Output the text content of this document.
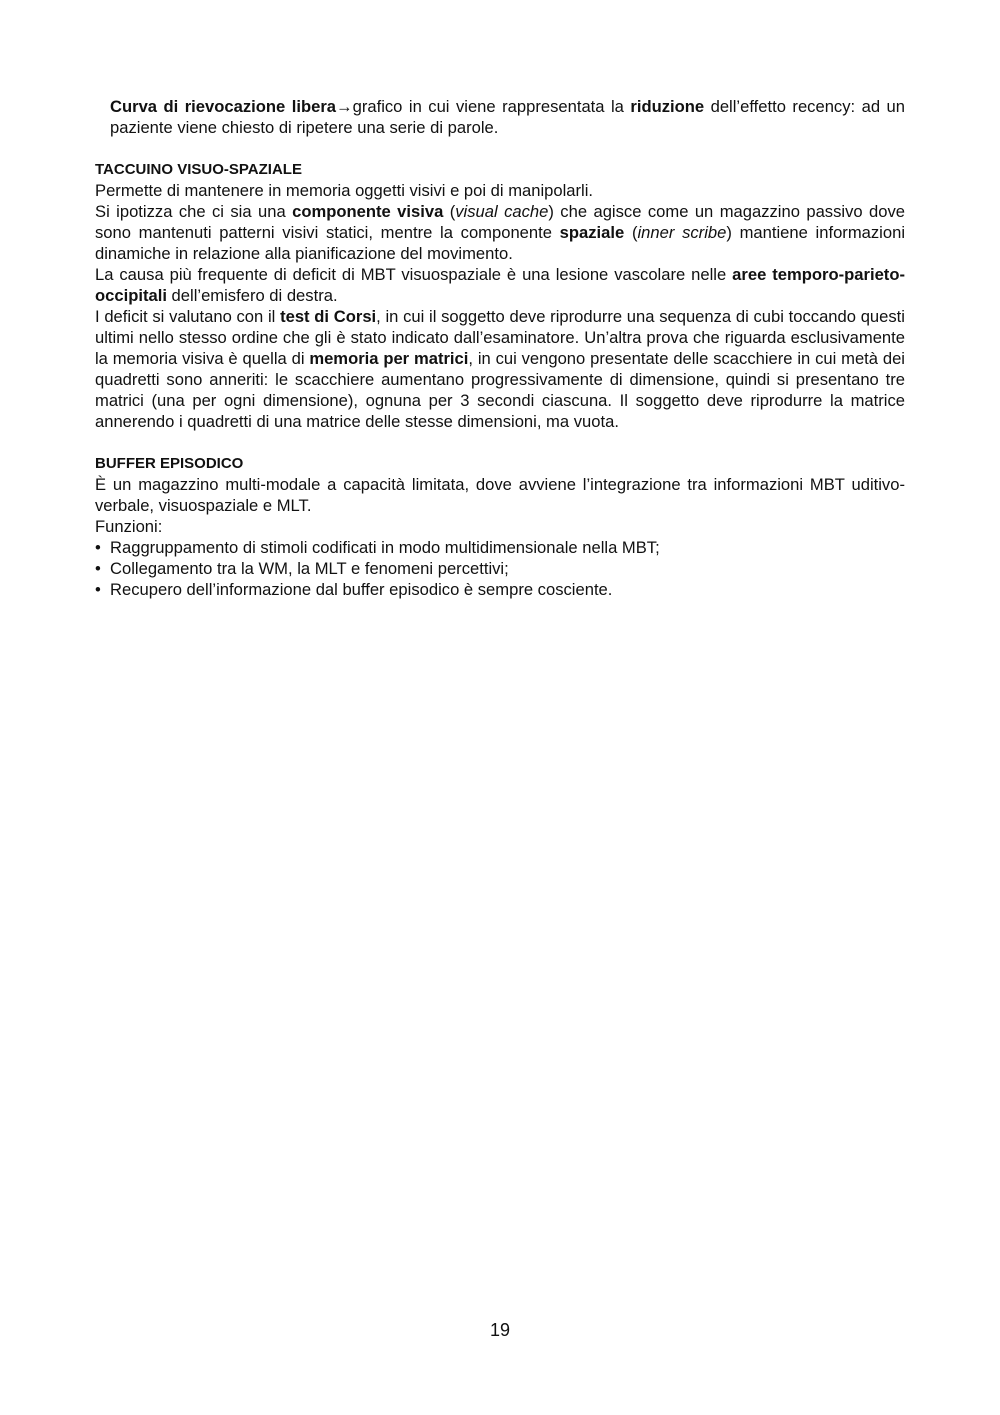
Curva di rievocazione libera→grafico in cui viene rappresentata la riduzione dell’effetto recency: ad un paziente viene chiesto di ripetere una serie di parole.

TACCUINO VISUO-SPAZIALE

Permette di mantenere in memoria oggetti visivi e poi di manipolarli.

Si ipotizza che ci sia una componente visiva (visual cache) che agisce come un magazzino passivo dove sono mantenuti patterni visivi statici, mentre la componente spaziale (inner scribe) mantiene informazioni dinamiche in relazione alla pianificazione del movimento.

La causa più frequente di deficit di MBT visuospaziale è una lesione vascolare nelle aree temporo-parieto-occipitali dell’emisfero di destra.

I deficit si valutano con il test di Corsi, in cui il soggetto deve riprodurre una sequenza di cubi toccando questi ultimi nello stesso ordine che gli è stato indicato dall’esaminatore. Un’altra prova che riguarda esclusivamente la memoria visiva è quella di memoria per matrici, in cui vengono presentate delle scacchiere in cui metà dei quadretti sono anneriti: le scacchiere aumentano progressivamente di dimensione, quindi si presentano tre matrici (una per ogni dimensione), ognuna per 3 secondi ciascuna. Il soggetto deve riprodurre la matrice annerendo i quadretti di una matrice delle stesse dimensioni, ma vuota.

BUFFER EPISODICO

È un magazzino multi-modale a capacità limitata, dove avviene l’integrazione tra informazioni MBT uditivo-verbale, visuospaziale e MLT.

Funzioni:

• Raggruppamento di stimoli codificati in modo multidimensionale nella MBT;
• Collegamento tra la WM, la MLT e fenomeni percettivi;
• Recupero dell’informazione dal buffer episodico è sempre cosciente.
19
